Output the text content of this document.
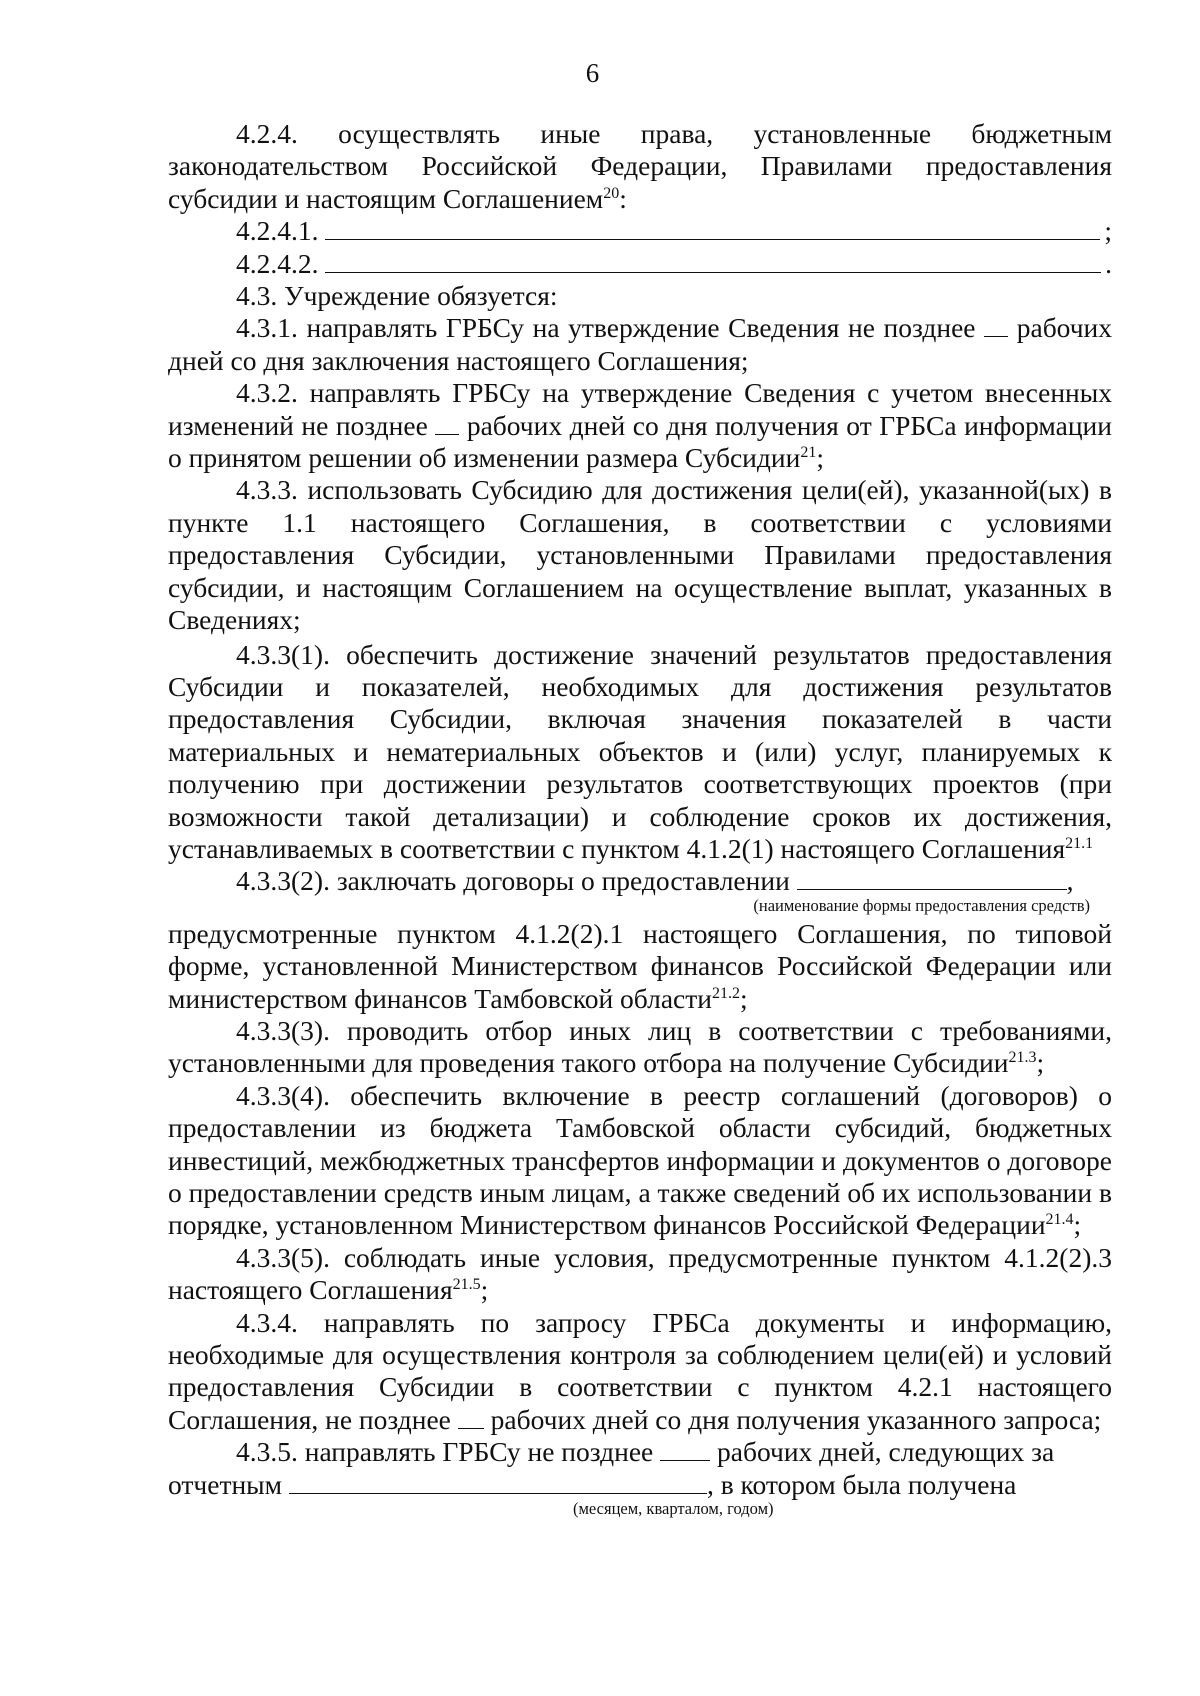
6

4.2.4. осуществлять иные права, установленные бюджетным законодательством Российской Федерации, Правилами предоставления субсидии и настоящим Соглашением$^{20}$:

4.2.4.1.	;
4.2.4.2.	.

4.3. Учреждение обязуется:

4.3.1. направлять ГРБСу на утверждение Сведения не позднее рабочих дней со дня заключения настоящего Соглашения;

4.3.2. направлять ГРБСу на утверждение Сведения с учетом внесенных изменений не позднее рабочих дней со дня получения от ГРБСа информации о принятом решении об изменении размера Субсидии$^{21}$;

4.3.3. использовать Субсидию для достижения цели(ей), указанной(ых) в пункте 1.1 настоящего Соглашения, в соответствии с условиями предоставления Субсидии, установленными Правилами предоставления субсидии, и настоящим Соглашением на осуществление выплат, указанных в Сведениях;

4.3.3(1). обеспечить достижение значений результатов предоставления Субсидии и показателей, необходимых для достижения результатов предоставления Субсидии, включая значения показателей в части материальных и нематериальных объектов и (или) услуг, планируемых к получению при достижении результатов соответствующих проектов (при возможности такой детализации) и соблюдение сроков их достижения, устанавливаемых в соответствии с пунктом 4.1.2(1) настоящего Соглашения$^{21.1}$

4.3.3(2). заключать договоры о предоставлении	,

(наименование формы предоставления средств)

предусмотренные пунктом 4.1.2(2).1 настоящего Соглашения, по типовой форме, установленной Министерством финансов Российской Федерации или министерством финансов Тамбовской области$^{21.2}$;

4.3.3(3). проводить отбор иных лиц в соответствии с требованиями, установленными для проведения такого отбора на получение Субсидии$^{21.3}$;

4.3.3(4). обеспечить включение в реестр соглашений (договоров) о предоставлении из бюджета Тамбовской области субсидий, бюджетных инвестиций, межбюджетных трансфертов информации и документов о договоре о предоставлении средств иным лицам, а также сведений об их использовании в порядке, установленном Министерством финансов Российской Федерации$^{21.4}$;

4.3.3(5). соблюдать иные условия, предусмотренные пунктом 4.1.2(2).3 настоящего Соглашения$^{21.5}$;

4.3.4. направлять по запросу ГРБСа документы и информацию, необходимые для осуществления контроля за соблюдением цели(ей) и условий предоставления Субсидии в соответствии с пунктом 4.2.1 настоящего Соглашения, не позднее рабочих дней со дня получения указанного запроса;

4.3.5. направлять ГРБСу не позднее рабочих дней, следующих за

отчетным	, в котором была получена

(месяцем, кварталом, годом)
